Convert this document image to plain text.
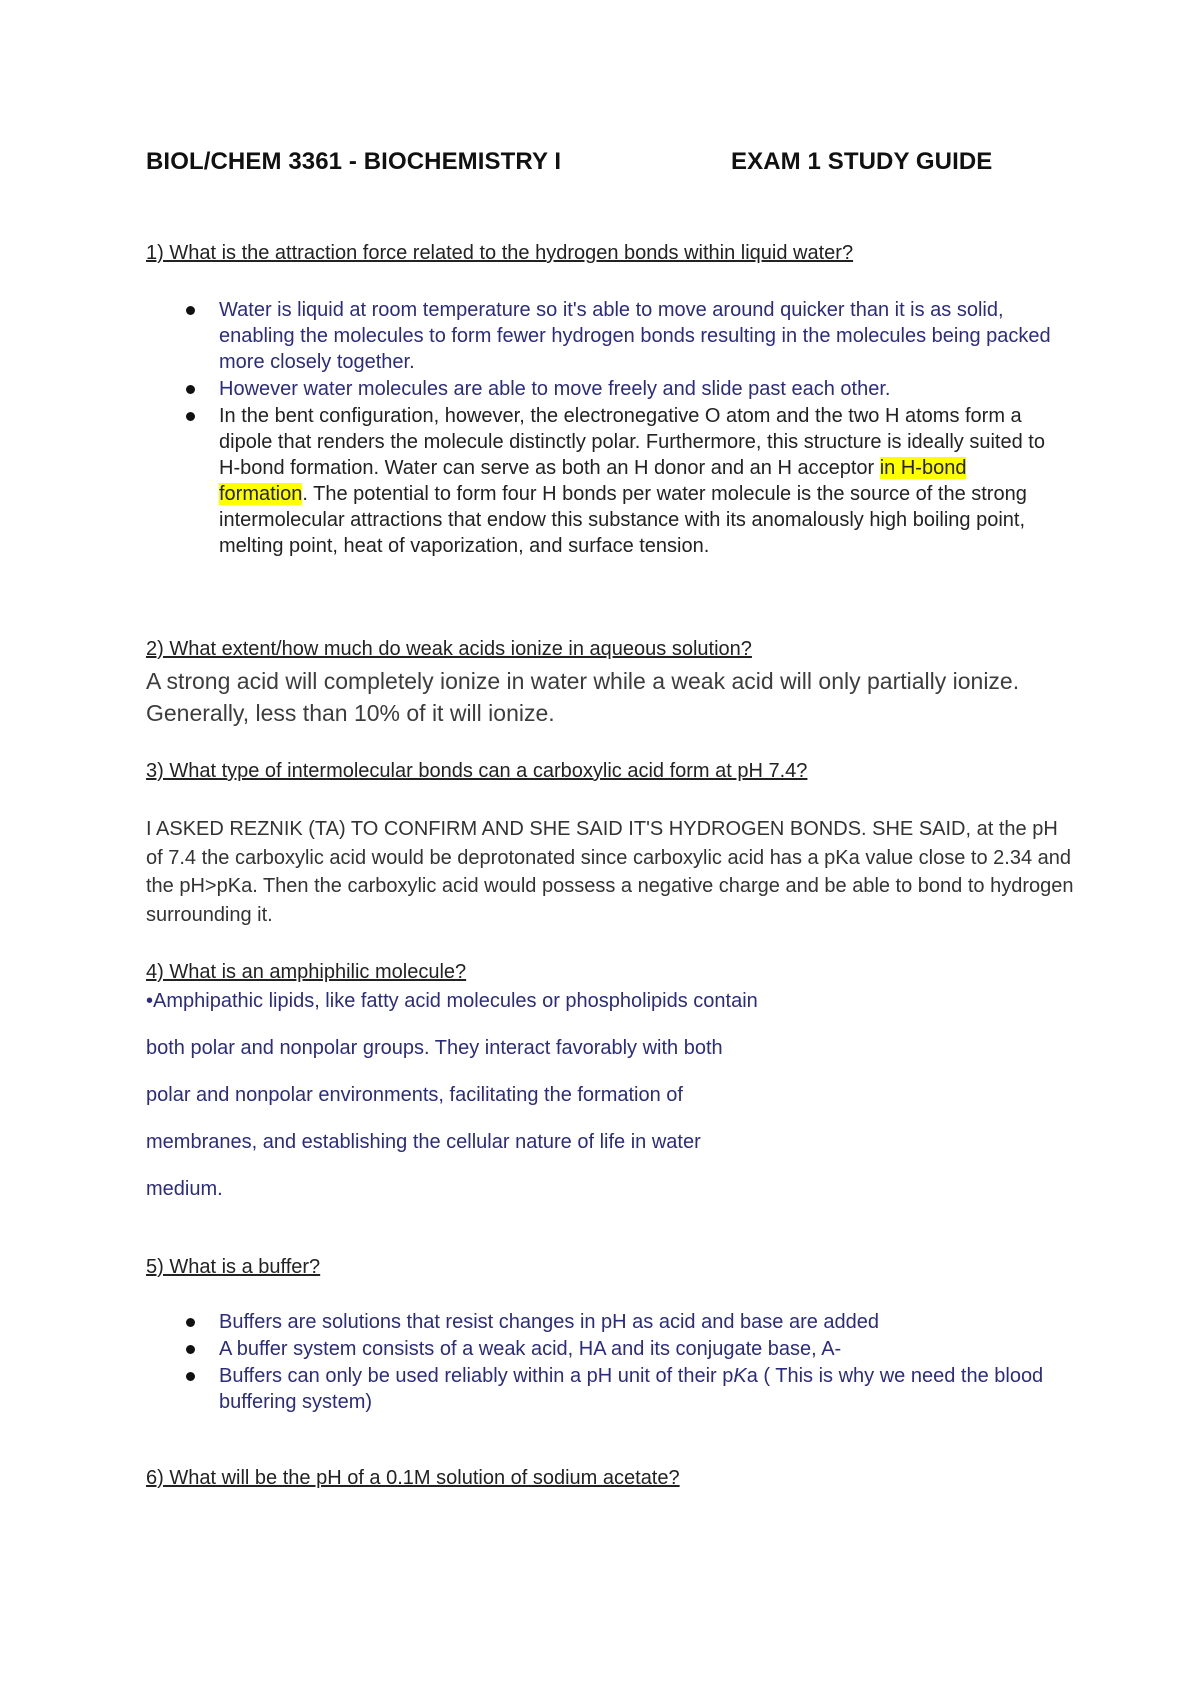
BIOL/CHEM 3361 - BIOCHEMISTRY I	EXAM 1 STUDY GUIDE
1) What is the attraction force related to the hydrogen bonds within liquid water?
Water is liquid at room temperature so it's able to move around quicker than it is as solid, enabling the molecules to form fewer hydrogen bonds resulting in the molecules being packed more closely together.
However water molecules are able to move freely and slide past each other.
In the bent configuration, however, the electronegative O atom and the two H atoms form a dipole that renders the molecule distinctly polar. Furthermore, this structure is ideally suited to H-bond formation. Water can serve as both an H donor and an H acceptor in H-bond formation. The potential to form four H bonds per water molecule is the source of the strong intermolecular attractions that endow this substance with its anomalously high boiling point, melting point, heat of vaporization, and surface tension.
2) What extent/how much do weak acids ionize in aqueous solution?
A strong acid will completely ionize in water while a weak acid will only partially ionize. Generally, less than 10% of it will ionize.
3) What type of intermolecular bonds can a carboxylic acid form at pH 7.4?
I ASKED REZNIK (TA) TO CONFIRM AND SHE SAID IT'S HYDROGEN BONDS. SHE SAID, at the pH of 7.4 the carboxylic acid would be deprotonated since carboxylic acid has a pKa value close to 2.34 and the pH>pKa. Then the carboxylic acid would possess a negative charge and be able to bond to hydrogen surrounding it.
4) What is an amphiphilic molecule?
•Amphipathic lipids, like fatty acid molecules or phospholipids contain
both polar and nonpolar groups. They interact favorably with both
polar and nonpolar environments, facilitating the formation of
membranes, and establishing the cellular nature of life in water
medium.
5) What is a buffer?
Buffers are solutions that resist changes in pH as acid and base are added
A buffer system consists of a weak acid, HA and its conjugate base, A-
Buffers can only be used reliably within a pH unit of their pKa ( This is why we need the blood buffering system)
6) What will be the pH of a 0.1M solution of sodium acetate?
